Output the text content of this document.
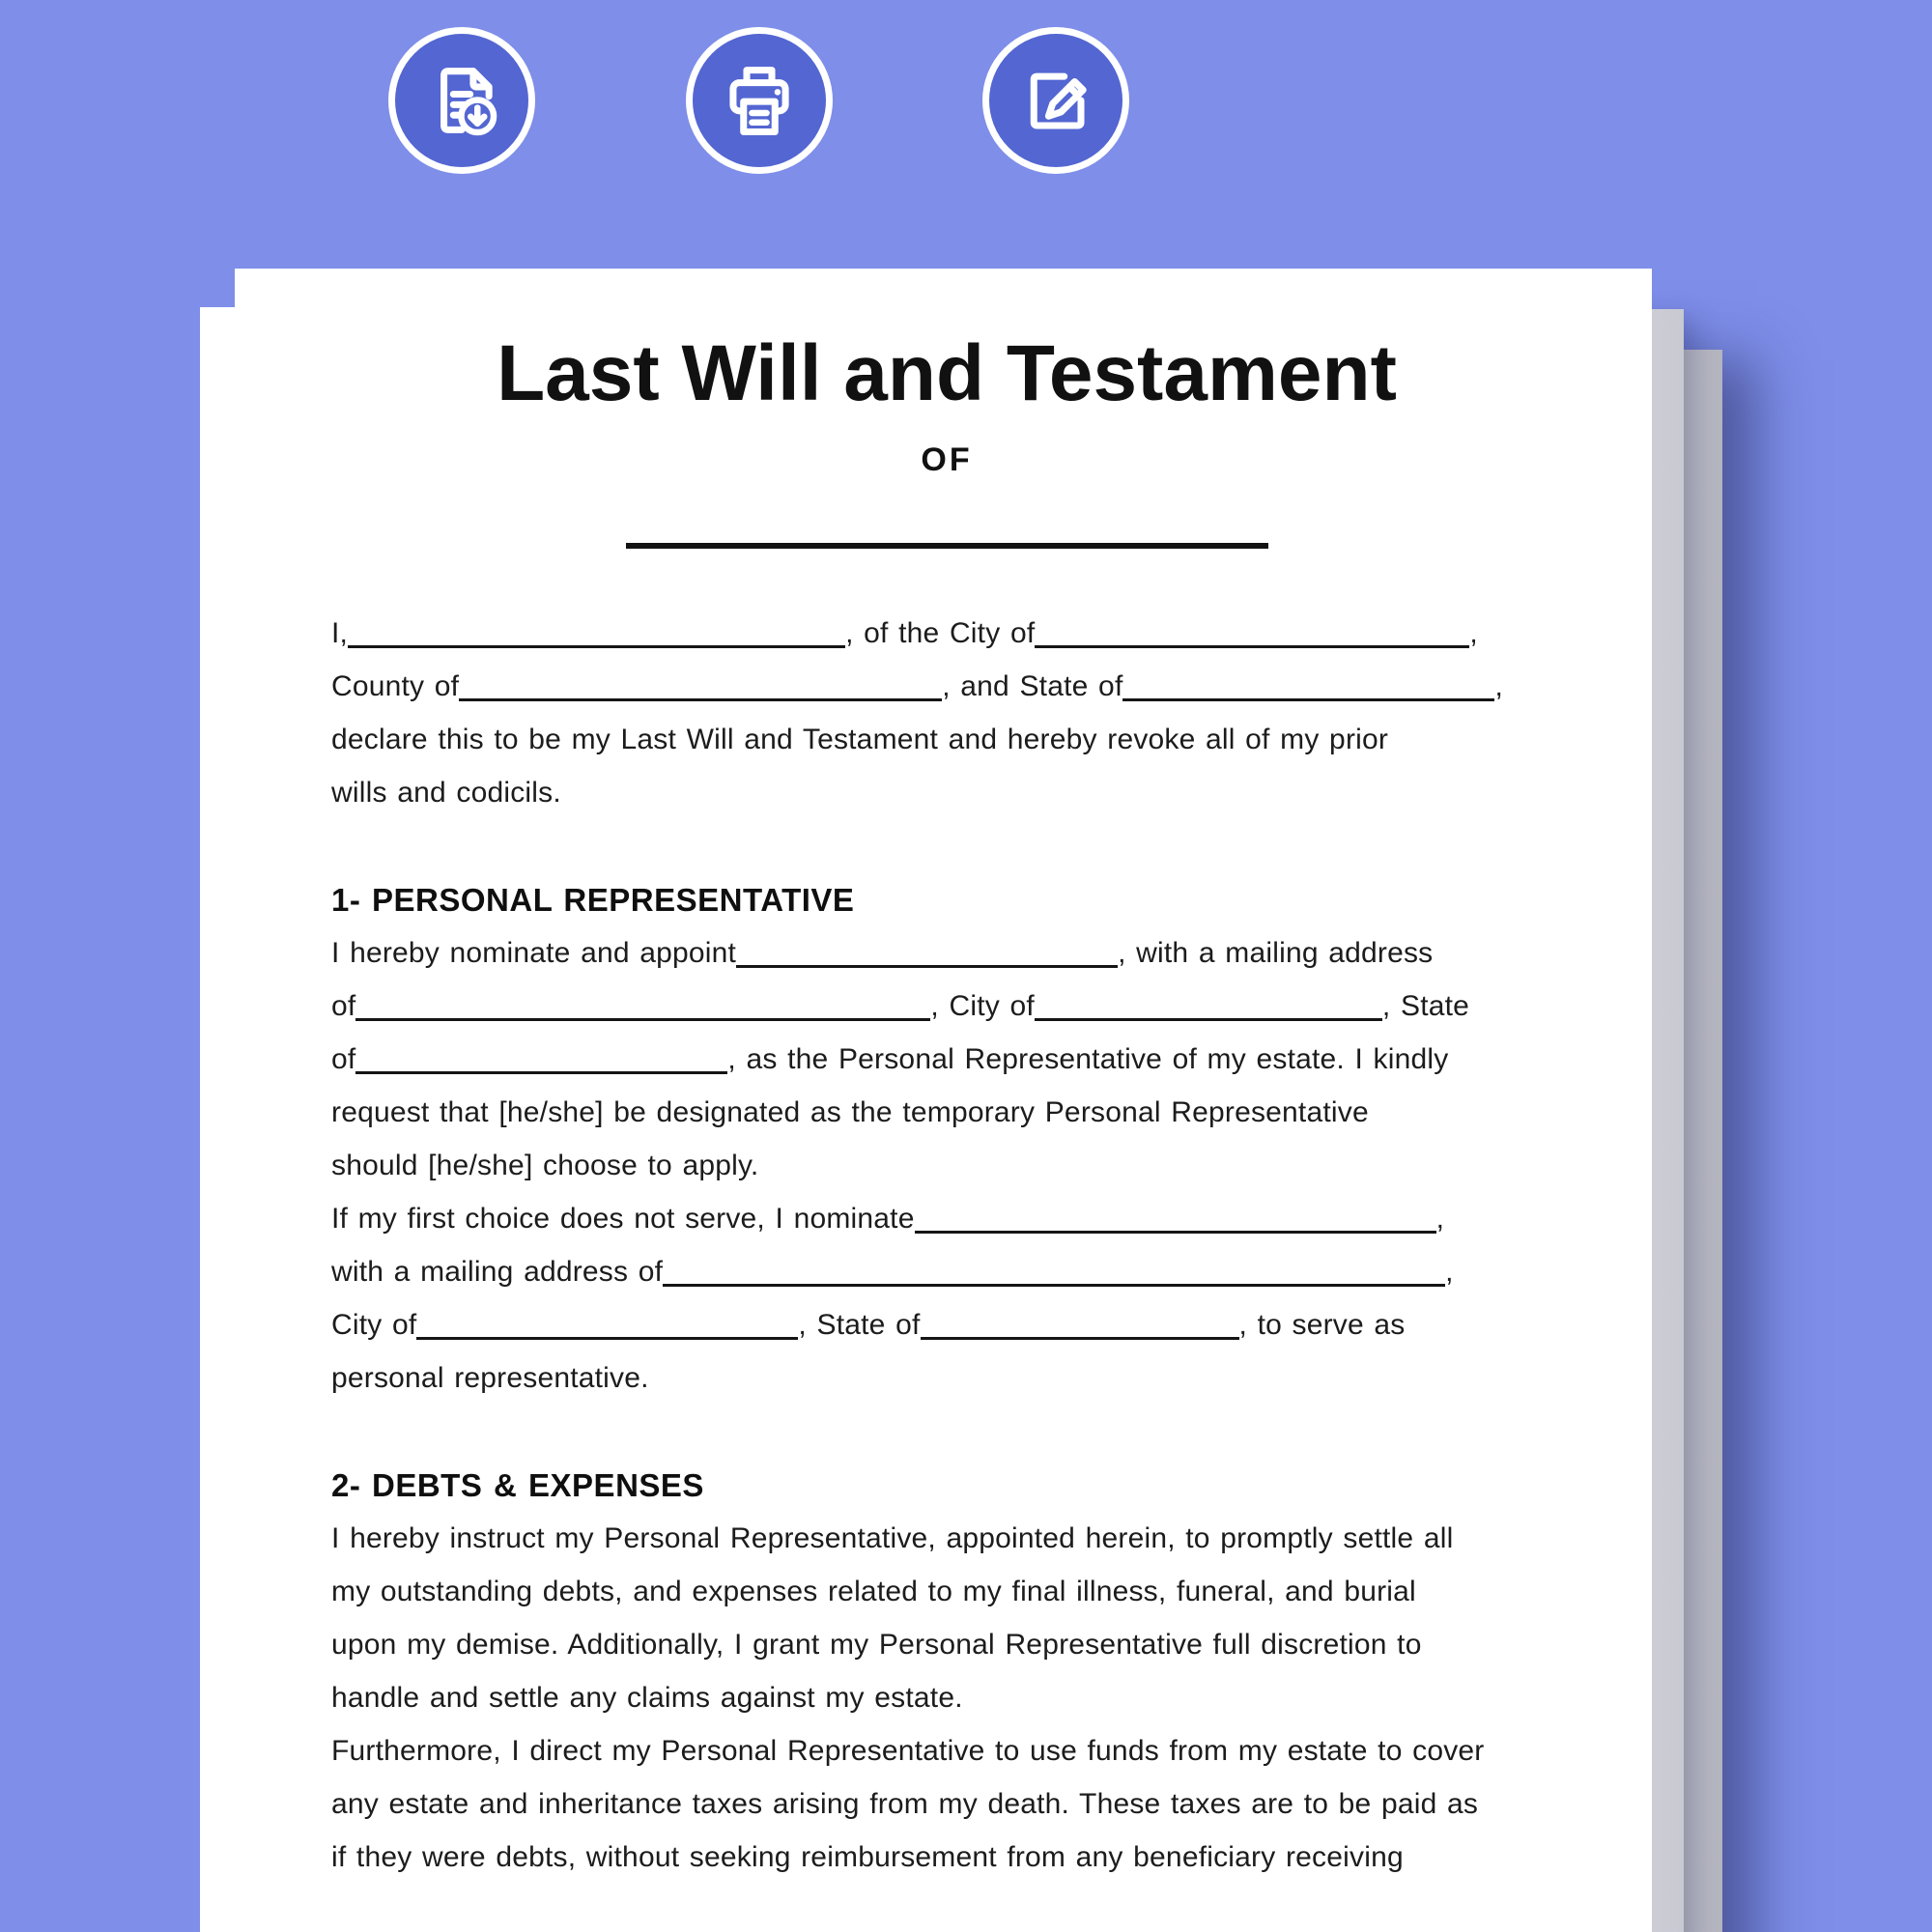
Last Will and Testament
OF
I,	, of the City of	,
County of	, and State of	,
declare this to be my Last Will and Testament and hereby revoke all of my prior
wills and codicils.
1- PERSONAL REPRESENTATIVE
I hereby nominate and appoint	, with a mailing address
of	, City of	, State
of	, as the Personal Representative of my estate. I kindly
request that [he/she] be designated as the temporary Personal Representative
should [he/she] choose to apply.
If my first choice does not serve, I nominate	,
with a mailing address of	,
City of	, State of	, to serve as
personal representative.
2- DEBTS & EXPENSES
I hereby instruct my Personal Representative, appointed herein, to promptly settle all
my outstanding debts, and expenses related to my final illness, funeral, and burial
upon my demise. Additionally, I grant my Personal Representative full discretion to
handle and settle any claims against my estate.
Furthermore, I direct my Personal Representative to use funds from my estate to cover
any estate and inheritance taxes arising from my death. These taxes are to be paid as
if they were debts, without seeking reimbursement from any beneficiary receiving
